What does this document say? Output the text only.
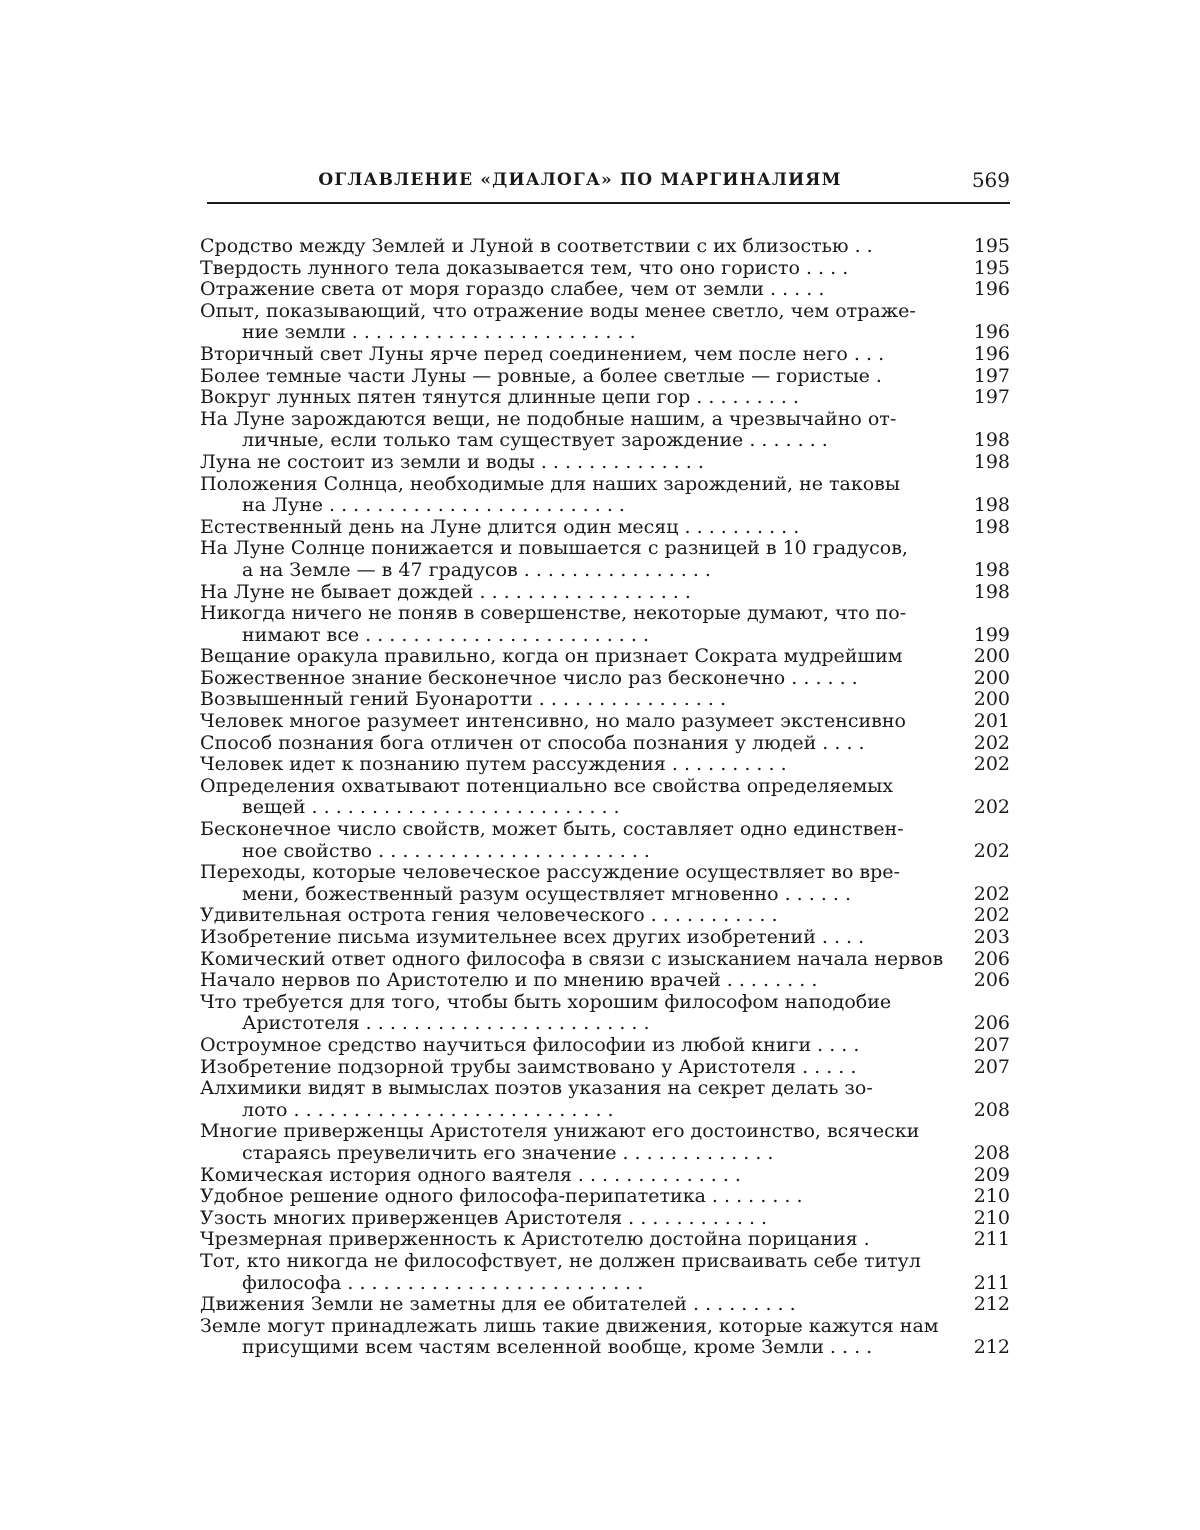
ОГЛАВЛЕНИЕ «ДИАЛОГА» ПО МАРГИНАЛИЯМ	569
Сродство между Землей и Луной в соответствии с их близостью . .	195
Твердость лунного тела доказывается тем, что оно гористо . . . .	195
Отражение света от моря гораздо слабее, чем от земли . . . . .	196
Опыт, показывающий, что отражение воды менее светло, чем отраже-
ние земли . . . . . . . . . . . . . . . . . . . . . . . .	196
Вторичный свет Луны ярче перед соединением, чем после него . . .	196
Более темные части Луны — ровные, а более светлые — гористые .	197
Вокруг лунных пятен тянутся длинные цепи гор . . . . . . . . .	197
На Луне зарождаются вещи, не подобные нашим, а чрезвычайно от-
личные, если только там существует зарождение . . . . . . .	198
Луна не состоит из земли и воды . . . . . . . . . . . . . .	198
Положения Солнца, необходимые для наших зарождений, не таковы
на Луне . . . . . . . . . . . . . . . . . . . . . . . . .	198
Естественный день на Луне длится один месяц . . . . . . . . . .	198
На Луне Солнце понижается и повышается с разницей в 10 градусов,
а на Земле — в 47 градусов . . . . . . . . . . . . . . . .	198
На Луне не бывает дождей . . . . . . . . . . . . . . . . . .	198
Никогда ничего не поняв в совершенстве, некоторые думают, что по-
нимают все . . . . . . . . . . . . . . . . . . . . . . . .	199
Вещание оракула правильно, когда он признает Сократа мудрейшим	200
Божественное знание бесконечное число раз бесконечно . . . . . .	200
Возвышенный гений Буонаротти . . . . . . . . . . . . . . . .	200
Человек многое разумеет интенсивно, но мало разумеет экстенсивно	201
Способ познания бога отличен от способа познания у людей . . . .	202
Человек идет к познанию путем рассуждения . . . . . . . . . .	202
Определения охватывают потенциально все свойства определяемых
вещей . . . . . . . . . . . . . . . . . . . . . . . . . .	202
Бесконечное число свойств, может быть, составляет одно единствен-
ное свойство . . . . . . . . . . . . . . . . . . . . . . .	202
Переходы, которые человеческое рассуждение осуществляет во вре-
мени, божественный разум осуществляет мгновенно . . . . . .	202
Удивительная острота гения человеческого . . . . . . . . . . .	202
Изобретение письма изумительнее всех других изобретений . . . .	203
Комический ответ одного философа в связи с изысканием начала нервов	206
Начало нервов по Аристотелю и по мнению врачей . . . . . . . .	206
Что требуется для того, чтобы быть хорошим философом наподобие
Аристотеля . . . . . . . . . . . . . . . . . . . . . . . .	206
Остроумное средство научиться философии из любой книги . . . .	207
Изобретение подзорной трубы заимствовано у Аристотеля . . . . .	207
Алхимики видят в вымыслах поэтов указания на секрет делать зо-
лото . . . . . . . . . . . . . . . . . . . . . . . . . . .	208
Многие приверженцы Аристотеля унижают его достоинство, всячески
стараясь преувеличить его значение . . . . . . . . . . . . .	208
Комическая история одного ваятеля . . . . . . . . . . . . . .	209
Удобное решение одного философа-перипатетика . . . . . . . .	210
Узость многих приверженцев Аристотеля . . . . . . . . . . . .	210
Чрезмерная приверженность к Аристотелю достойна порицания .	211
Тот, кто никогда не философствует, не должен присваивать себе титул
философа . . . . . . . . . . . . . . . . . . . . . . . . .	211
Движения Земли не заметны для ее обитателей . . . . . . . . .	212
Земле могут принадлежать лишь такие движения, которые кажутся нам
присущими всем частям вселенной вообще, кроме Земли . . . .	212
